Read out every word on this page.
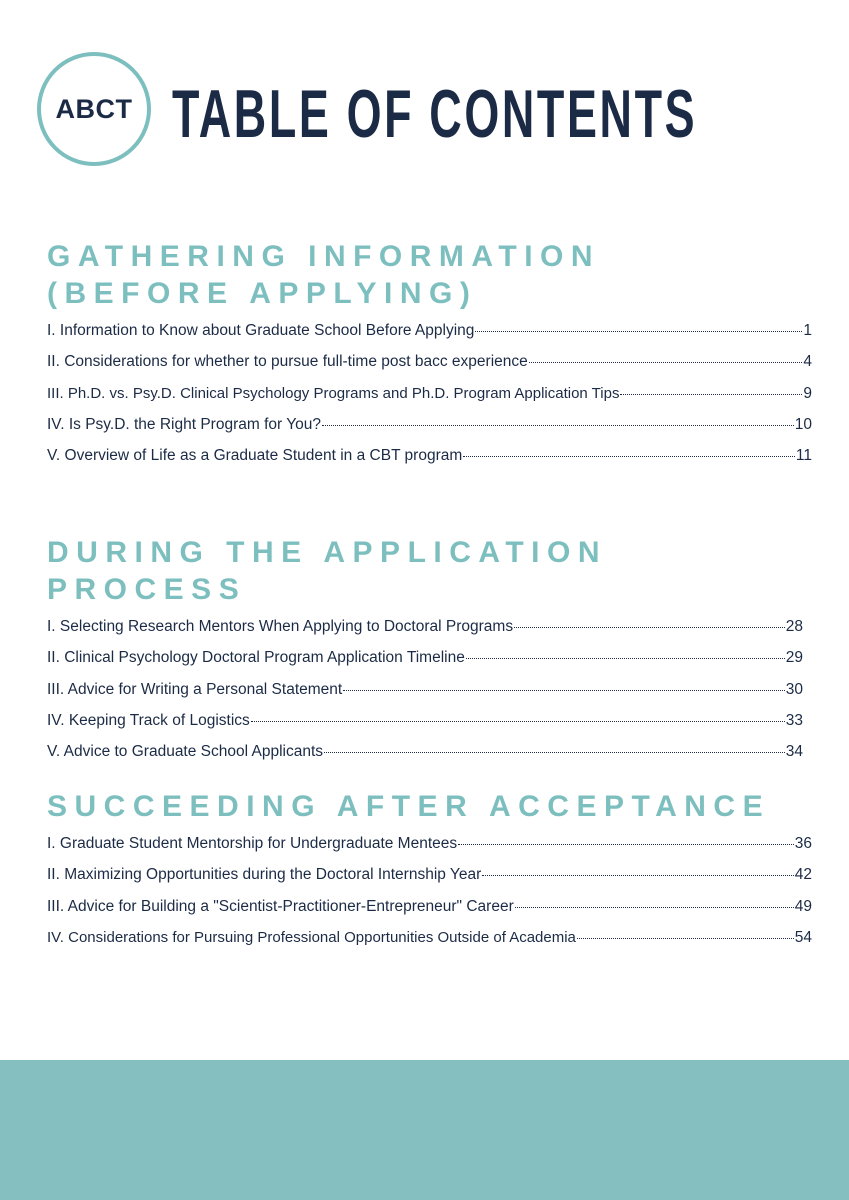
ABCT TABLE OF CONTENTS
GATHERING INFORMATION (BEFORE APPLYING)
I. Information to Know about Graduate School Before Applying	1
II. Considerations for whether to pursue full-time post bacc experience	4
III. Ph.D. vs. Psy.D. Clinical Psychology Programs and Ph.D. Program Application Tips	9
IV. Is Psy.D. the Right Program for You?	10
V. Overview of Life as a Graduate Student in a CBT program	11
DURING THE APPLICATION PROCESS
I. Selecting Research Mentors When Applying to Doctoral Programs	28
II. Clinical Psychology Doctoral Program Application Timeline	29
III. Advice for Writing a Personal Statement	30
IV. Keeping Track of Logistics	33
V. Advice to Graduate School Applicants	34
SUCCEEDING AFTER ACCEPTANCE
I. Graduate Student Mentorship for Undergraduate Mentees	36
II. Maximizing Opportunities during the Doctoral Internship Year	42
III. Advice for Building a "Scientist-Practitioner-Entrepreneur" Career	49
IV. Considerations for Pursuing Professional Opportunities Outside of Academia	54
